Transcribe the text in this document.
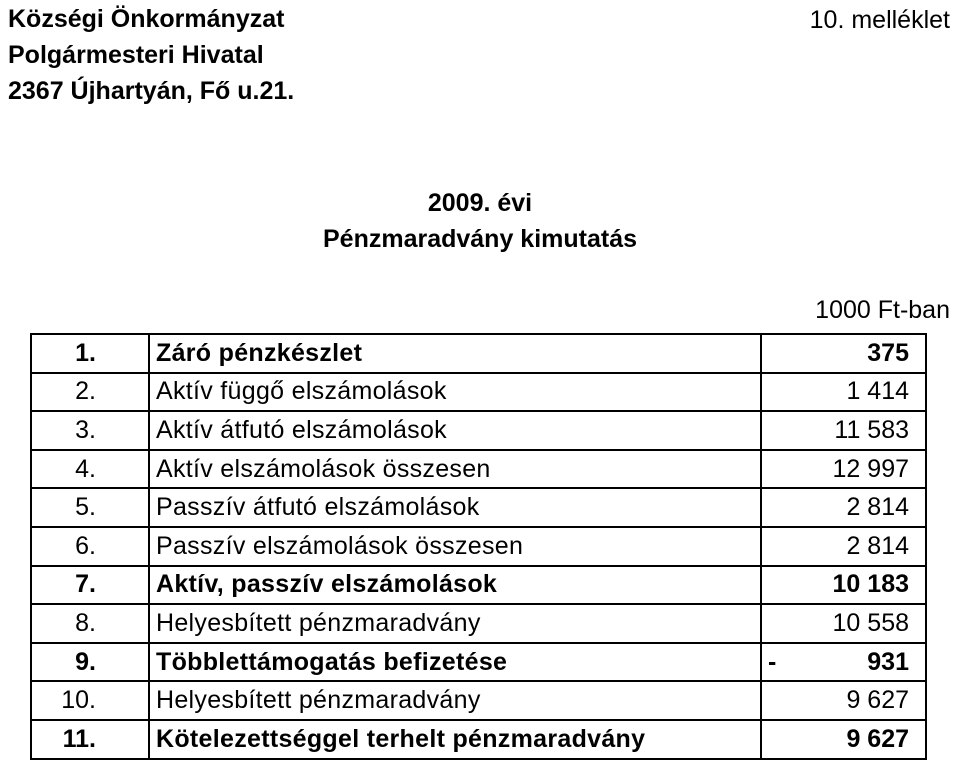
Községi Önkormányzat
Polgármesteri Hivatal
2367 Újhartyán, Fő u.21.
10. melléklet
2009. évi
Pénzmaradvány kimutatás
1000 Ft-ban
1.	Záró pénzkészlet	375
2.	Aktív függő elszámolások	1 414
3.	Aktív átfutó elszámolások	11 583
4.	Aktív elszámolások összesen	12 997
5.	Passzív átfutó elszámolások	2 814
6.	Passzív elszámolások összesen	2 814
7.	Aktív, passzív elszámolások	10 183
8.	Helyesbített pénzmaradvány	10 558
9.	Többlettámogatás befizetése	- 931
10.	Helyesbített pénzmaradvány	9 627
11.	Kötelezettséggel terhelt pénzmaradvány	9 627
